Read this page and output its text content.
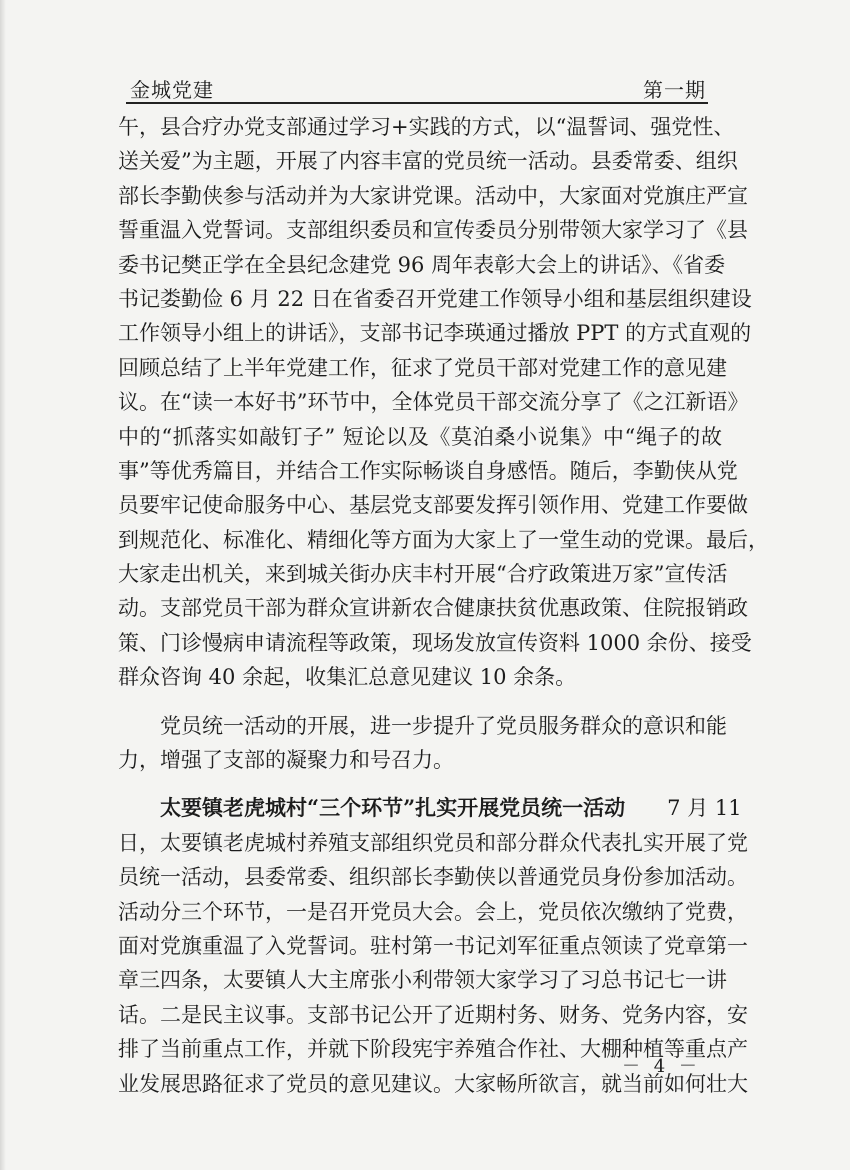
金城党建	第一期
午，县合疗办党支部通过学习+实践的方式，以“温誓词、强党性、
送关爱”为主题，开展了内容丰富的党员统一活动。县委常委、组织
部长李勤侠参与活动并为大家讲党课。活动中，大家面对党旗庄严宣
誓重温入党誓词。支部组织委员和宣传委员分别带领大家学习了《县
委书记樊正学在全县纪念建党 96 周年表彰大会上的讲话》、《省委
书记娄勤俭 6 月 22 日在省委召开党建工作领导小组和基层组织建设
工作领导小组上的讲话》，支部书记李瑛通过播放 PPT 的方式直观的
回顾总结了上半年党建工作，征求了党员干部对党建工作的意见建
议。在“读一本好书”环节中，全体党员干部交流分享了《之江新语》
中的“抓落实如敲钉子” 短论以及《莫泊桑小说集》中“绳子的故
事”等优秀篇目，并结合工作实际畅谈自身感悟。随后，李勤侠从党
员要牢记使命服务中心、基层党支部要发挥引领作用、党建工作要做
到规范化、标准化、精细化等方面为大家上了一堂生动的党课。最后，
大家走出机关，来到城关街办庆丰村开展“合疗政策进万家”宣传活
动。支部党员干部为群众宣讲新农合健康扶贫优惠政策、住院报销政
策、门诊慢病申请流程等政策，现场发放宣传资料 1000 余份、接受
群众咨询 40 余起，收集汇总意见建议 10 余条。
党员统一活动的开展，进一步提升了党员服务群众的意识和能
力，增强了支部的凝聚力和号召力。
太要镇老虎城村“三个环节”扎实开展党员统一活动　　7 月 11
日，太要镇老虎城村养殖支部组织党员和部分群众代表扎实开展了党
员统一活动，县委常委、组织部长李勤侠以普通党员身份参加活动。
活动分三个环节，一是召开党员大会。会上，党员依次缴纳了党费，
面对党旗重温了入党誓词。驻村第一书记刘军征重点领读了党章第一
章三四条，太要镇人大主席张小利带领大家学习了习总书记七一讲
话。二是民主议事。支部书记公开了近期村务、财务、党务内容，安
排了当前重点工作，并就下阶段宪宇养殖合作社、大棚种植等重点产
业发展思路征求了党员的意见建议。大家畅所欲言，就当前如何壮大
－ 4 －
